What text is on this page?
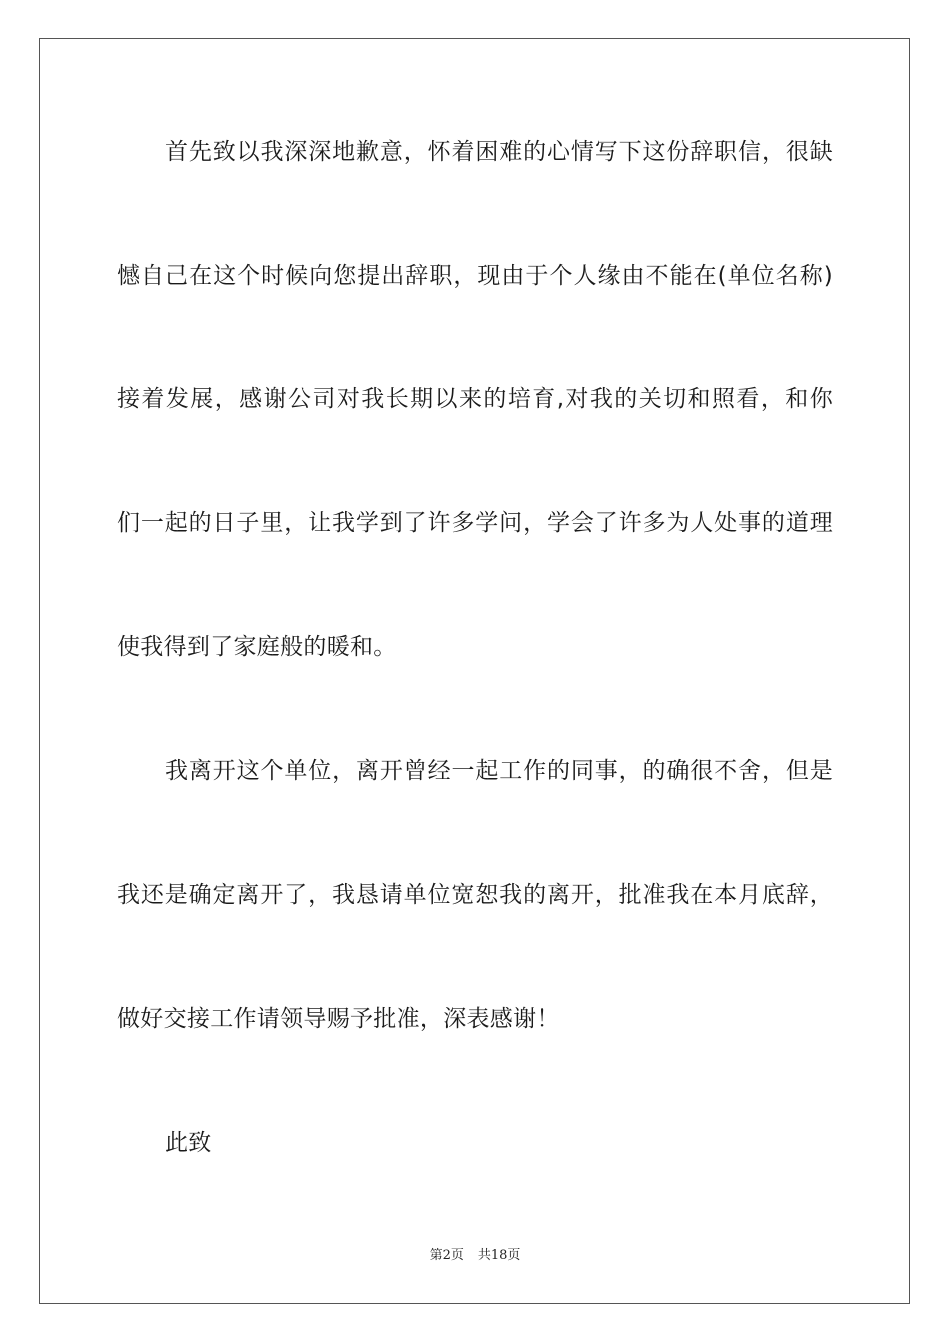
首先致以我深深地歉意，怀着困难的心情写下这份辞职信，很缺
憾自己在这个时候向您提出辞职，现由于个人缘由不能在(单位名称)
接着发展，感谢公司对我长期以来的培育,对我的关切和照看，和你
们一起的日子里，让我学到了许多学问，学会了许多为人处事的道理
使我得到了家庭般的暖和。
我离开这个单位，离开曾经一起工作的同事，的确很不舍，但是
我还是确定离开了，我恳请单位宽恕我的离开，批准我在本月底辞，
做好交接工作请领导赐予批准，深表感谢！
此致
第2页 共18页
